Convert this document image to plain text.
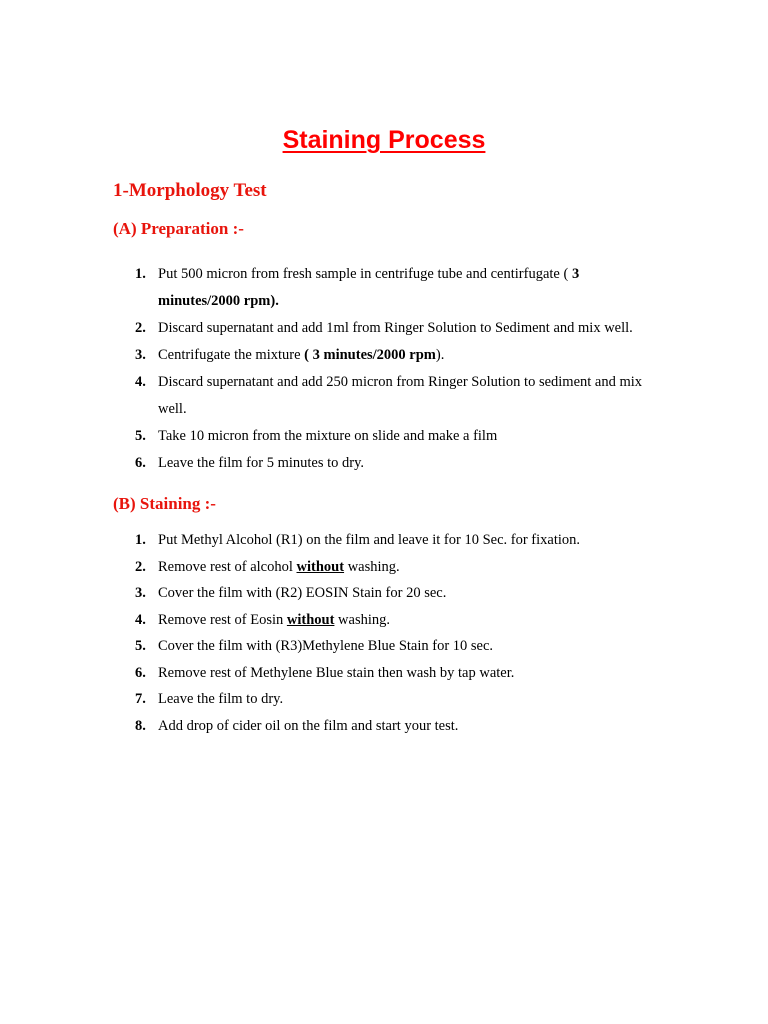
Staining Process
1-Morphology Test
(A) Preparation :-
1. Put 500 micron from fresh sample in centrifuge tube and centirfugate ( 3 minutes/2000 rpm).
2. Discard supernatant and add 1ml from Ringer Solution to Sediment and mix well.
3. Centrifugate the mixture ( 3 minutes/2000 rpm).
4. Discard supernatant and add 250 micron from Ringer Solution to sediment and mix well.
5. Take 10 micron from the mixture on slide and make a film
6. Leave the film for 5 minutes to dry.
(B) Staining :-
1. Put Methyl Alcohol (R1) on the film and leave it for 10 Sec. for fixation.
2. Remove rest of alcohol without washing.
3. Cover the film with (R2) EOSIN Stain for 20 sec.
4. Remove rest of Eosin without washing.
5. Cover the film with (R3)Methylene Blue Stain for 10 sec.
6. Remove rest of Methylene Blue stain then wash by tap water.
7. Leave the film to dry.
8. Add drop of cider oil on the film and start your test.
